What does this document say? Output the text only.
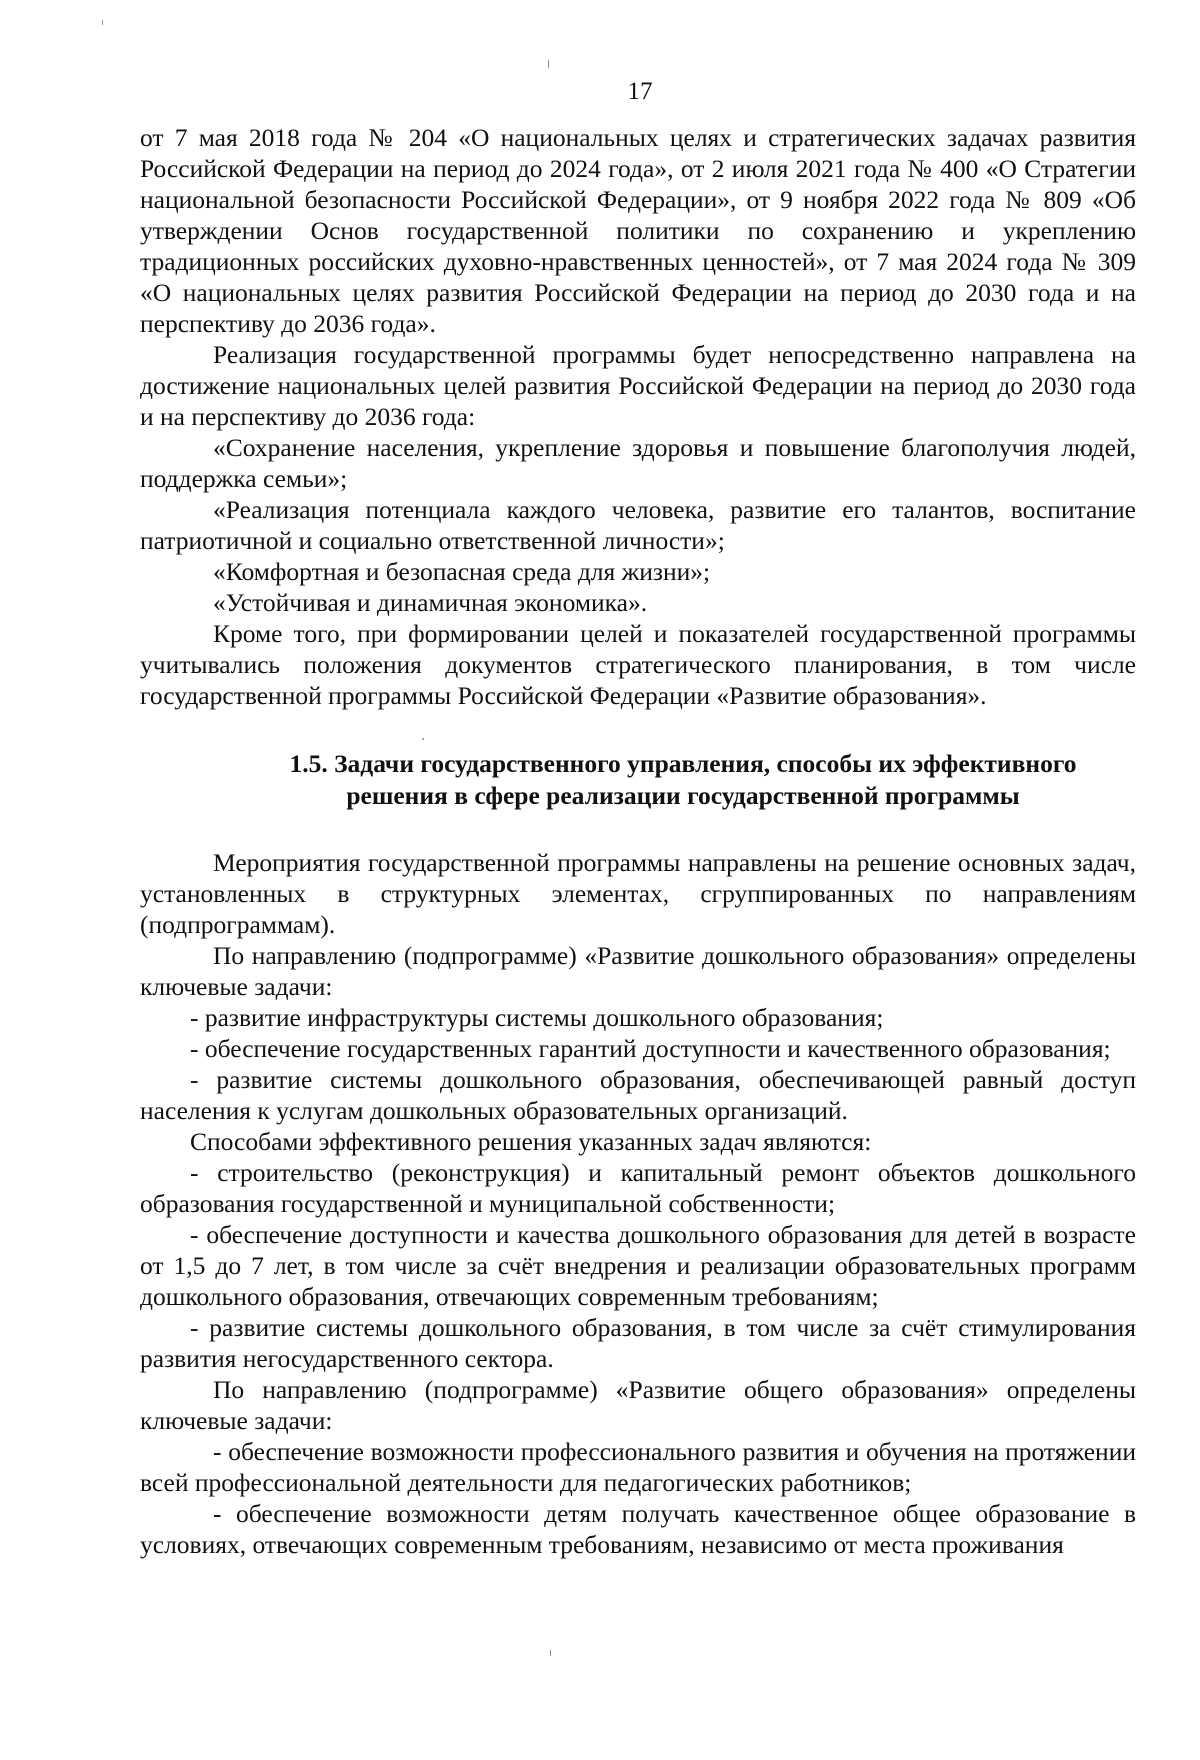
17

от 7 мая 2018 года № 204 «О национальных целях и стратегических задачах развития Российской Федерации на период до 2024 года», от 2 июля 2021 года № 400 «О Стратегии национальной безопасности Российской Федерации», от 9 ноября 2022 года № 809 «Об утверждении Основ государственной политики по сохранению и укреплению традиционных российских духовно-нравственных ценностей», от 7 мая 2024 года № 309 «О национальных целях развития Российской Федерации на период до 2030 года и на перспективу до 2036 года».

Реализация государственной программы будет непосредственно направлена на достижение национальных целей развития Российской Федерации на период до 2030 года и на перспективу до 2036 года:

«Сохранение населения, укрепление здоровья и повышение благополучия людей, поддержка семьи»;

«Реализация потенциала каждого человека, развитие его талантов, воспитание патриотичной и социально ответственной личности»;

«Комфортная и безопасная среда для жизни»;

«Устойчивая и динамичная экономика».

Кроме того, при формировании целей и показателей государственной программы учитывались положения документов стратегического планирования, в том числе государственной программы Российской Федерации «Развитие образования».

1.5. Задачи государственного управления, способы их эффективного
решения в сфере реализации государственной программы

Мероприятия государственной программы направлены на решение основных задач, установленных в структурных элементах, сгруппированных по направлениям (подпрограммам).

По направлению (подпрограмме) «Развитие дошкольного образования» определены ключевые задачи:

- развитие инфраструктуры системы дошкольного образования;

- обеспечение государственных гарантий доступности и качественного образования;

- развитие системы дошкольного образования, обеспечивающей равный доступ населения к услугам дошкольных образовательных организаций.

Способами эффективного решения указанных задач являются:

- строительство (реконструкция) и капитальный ремонт объектов дошкольного образования государственной и муниципальной собственности;

- обеспечение доступности и качества дошкольного образования для детей в возрасте от 1,5 до 7 лет, в том числе за счёт внедрения и реализации образовательных программ дошкольного образования, отвечающих современным требованиям;

- развитие системы дошкольного образования, в том числе за счёт стимулирования развития негосударственного сектора.

По направлению (подпрограмме) «Развитие общего образования» определены ключевые задачи:

- обеспечение возможности профессионального развития и обучения на протяжении всей профессиональной деятельности для педагогических работников;

- обеспечение возможности детям получать качественное общее образование в условиях, отвечающих современным требованиям, независимо от места проживания
